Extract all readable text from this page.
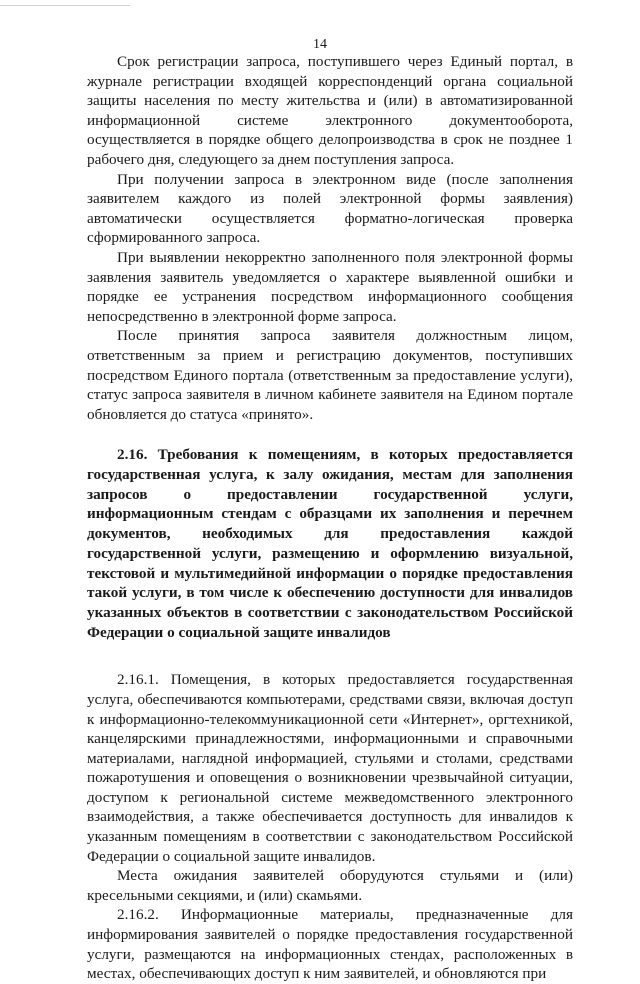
14

Срок регистрации запроса, поступившего через Единый портал, в журнале регистрации входящей корреспонденций органа социальной защиты населения по месту жительства и (или) в автоматизированной информационной системе электронного документооборота, осуществляется в порядке общего делопроизводства в срок не позднее 1 рабочего дня, следующего за днем поступления запроса.

При получении запроса в электронном виде (после заполнения заявителем каждого из полей электронной формы заявления) автоматически осуществляется форматно-логическая проверка сформированного запроса.

При выявлении некорректно заполненного поля электронной формы заявления заявитель уведомляется о характере выявленной ошибки и порядке ее устранения посредством информационного сообщения непосредственно в электронной форме запроса.

После принятия запроса заявителя должностным лицом, ответственным за прием и регистрацию документов, поступивших посредством Единого портала (ответственным за предоставление услуги), статус запроса заявителя в личном кабинете заявителя на Едином портале обновляется до статуса «принято».

2.16. Требования к помещениям, в которых предоставляется государственная услуга, к залу ожидания, местам для заполнения запросов о предоставлении государственной услуги, информационным стендам с образцами их заполнения и перечнем документов, необходимых для предоставления каждой государственной услуги, размещению и оформлению визуальной, текстовой и мультимедийной информации о порядке предоставления такой услуги, в том числе к обеспечению доступности для инвалидов указанных объектов в соответствии с законодательством Российской Федерации о социальной защите инвалидов

2.16.1. Помещения, в которых предоставляется государственная услуга, обеспечиваются компьютерами, средствами связи, включая доступ к информационно-телекоммуникационной сети «Интернет», оргтехникой, канцелярскими принадлежностями, информационными и справочными материалами, наглядной информацией, стульями и столами, средствами пожаротушения и оповещения о возникновении чрезвычайной ситуации, доступом к региональной системе межведомственного электронного взаимодействия, а также обеспечивается доступность для инвалидов к указанным помещениям в соответствии с законодательством Российской Федерации о социальной защите инвалидов.

Места ожидания заявителей оборудуются стульями и (или) кресельными секциями, и (или) скамьями.

2.16.2. Информационные материалы, предназначенные для информирования заявителей о порядке предоставления государственной услуги, размещаются на информационных стендах, расположенных в местах, обеспечивающих доступ к ним заявителей, и обновляются при
